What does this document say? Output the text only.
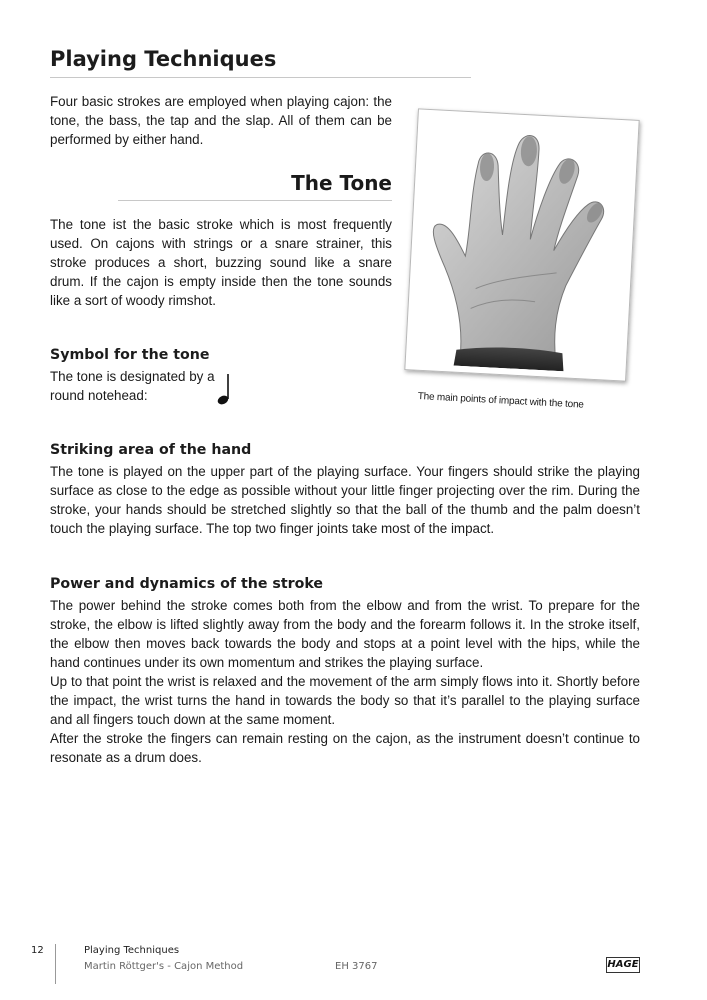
Playing Techniques

Four basic strokes are employed when playing cajon: the tone, the bass, the tap and the slap. All of them can be performed by either hand.

The Tone

The tone ist the basic stroke which is most frequently used. On cajons with strings or a snare strainer, this stroke produces a short, buzzing sound like a snare drum. If the cajon is empty inside then the tone sounds like a sort of woody rimshot.

The main points of impact with the tone
Symbol for the tone

The tone is designated by a round notehead:

Striking area of the hand

The tone is played on the upper part of the playing surface. Your fingers should strike the playing surface as close to the edge as possible without your little finger projecting over the rim. During the stroke, your hands should be stretched slightly so that the ball of the thumb and the palm doesn’t touch the playing surface. The top two finger joints take most of the impact.

Power and dynamics of the stroke

The power behind the stroke comes both from the elbow and from the wrist. To prepare for the stroke, the elbow is lifted slightly away from the body and the forearm follows it. In the stroke itself, the elbow then moves back towards the body and stops at a point level with the hips, while the hand continues under its own momentum and strikes the playing surface.

Up to that point the wrist is relaxed and the movement of the arm simply flows into it. Shortly before the impact, the wrist turns the hand in towards the body so that it’s parallel to the playing surface and all fingers touch down at the same moment.

After the stroke the fingers can remain resting on the cajon, as the instrument doesn’t continue to resonate as a drum does.

12	Playing Techniques
Martin Röttger's - Cajon Method	EH 3767	HAGE
